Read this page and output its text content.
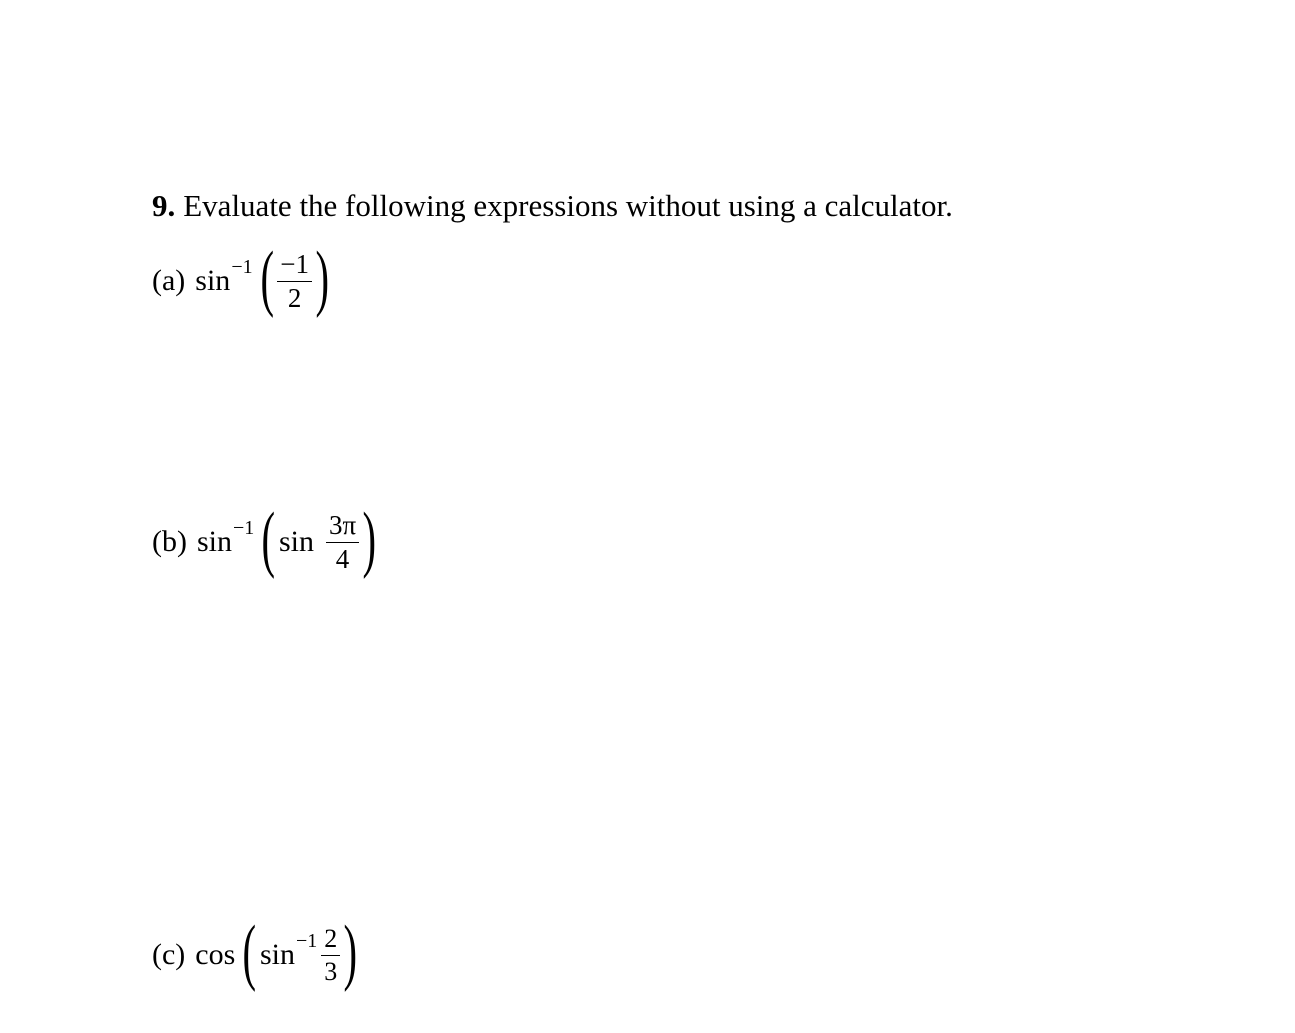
9. Evaluate the following expressions without using a calculator.
(a) sin −1 ( $\frac{-1}{2}$ )
(b) sin −1 ( $\sin \frac{3\pi}{4}$ )
(c) cos ( $\sin -1 \frac{2}{3}$ )
